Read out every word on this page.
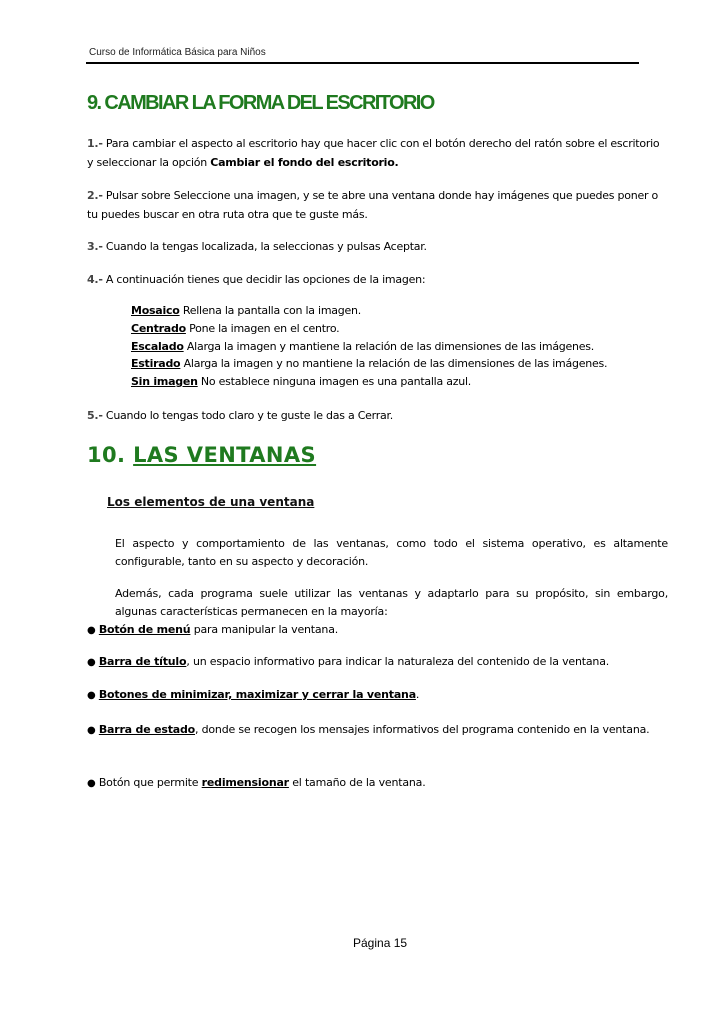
Curso de Informática Básica para Niños
9. CAMBIAR LA FORMA DEL ESCRITORIO
1.- Para cambiar el aspecto al escritorio hay que hacer clic con el botón derecho del ratón sobre el escritorio y seleccionar la opción Cambiar el fondo del escritorio.
2.- Pulsar sobre Seleccione una imagen, y se te abre una ventana donde hay imágenes que puedes poner o tu puedes buscar en otra ruta otra que te guste más.
3.- Cuando la tengas localizada, la seleccionas y pulsas Aceptar.
4.- A continuación tienes que decidir las opciones de la imagen:
Mosaico Rellena la pantalla con la imagen.
Centrado Pone la imagen en el centro.
Escalado Alarga la imagen y mantiene la relación de las dimensiones de las imágenes.
Estirado Alarga la imagen y no mantiene la relación de las dimensiones de las imágenes.
Sin imagen No establece ninguna imagen es una pantalla azul.
5.- Cuando lo tengas todo claro y te guste le das a Cerrar.
10. LAS VENTANAS
Los elementos de una ventana
El aspecto y comportamiento de las ventanas, como todo el sistema operativo, es altamente configurable, tanto en su aspecto y decoración.
Además, cada programa suele utilizar las ventanas y adaptarlo para su propósito, sin embargo, algunas características permanecen en la mayoría:
● Botón de menú para manipular la ventana.
● Barra de título, un espacio informativo para indicar la naturaleza del contenido de la ventana.
● Botones de minimizar, maximizar y cerrar la ventana.
● Barra de estado, donde se recogen los mensajes informativos del programa contenido en la ventana.
● Botón que permite redimensionar el tamaño de la ventana.
Página 15
